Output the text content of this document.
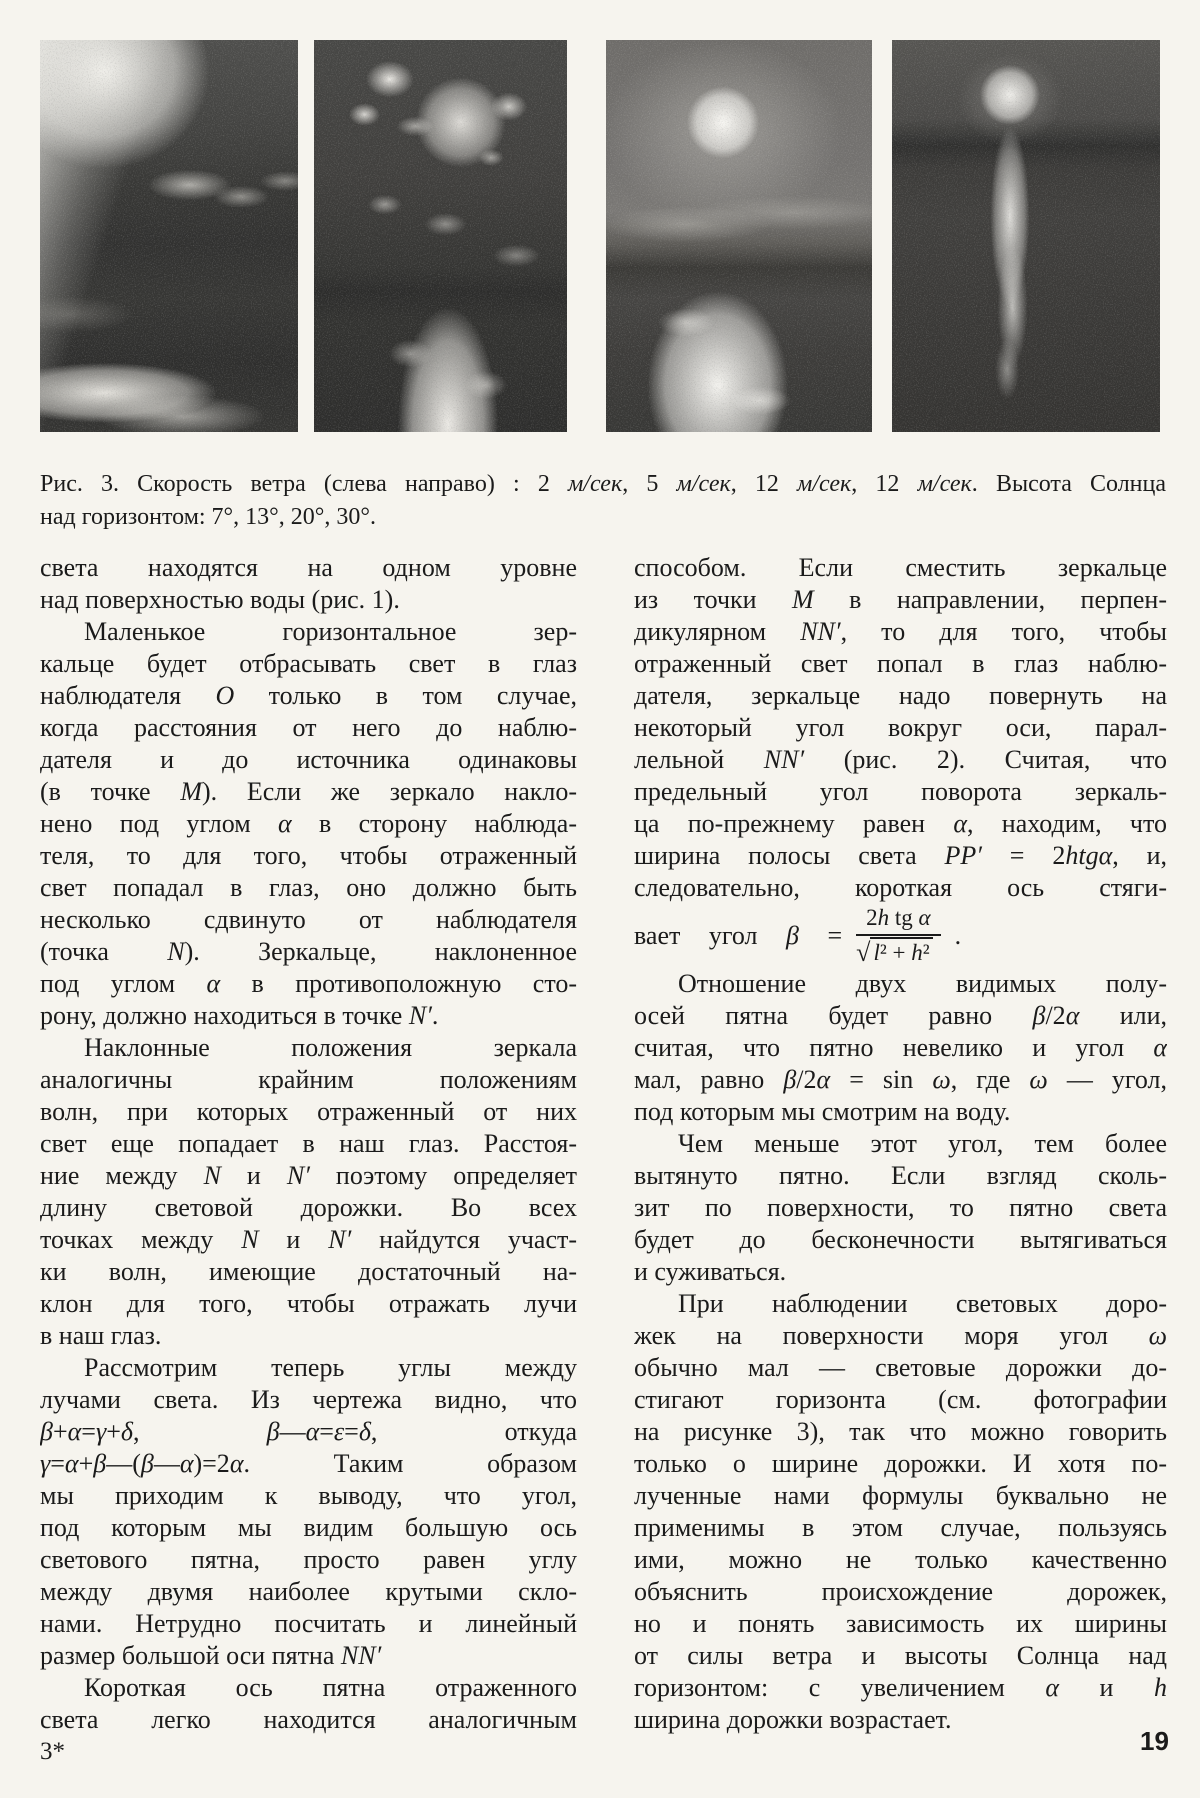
Рис. 3. Скорость ветра (слева направо) : 2 м/сек, 5 м/сек, 12 м/сек, 12 м/сек. Высота Солнца
над горизонтом: 7°, 13°, 20°, 30°.
света находятся на одном уровне
над поверхностью воды (рис. 1).
Маленькое горизонтальное зер-
кальце будет отбрасывать свет в глаз
наблюдателя O только в том случае,
когда расстояния от него до наблю-
дателя и до источника одинаковы
(в точке M). Если же зеркало накло-
нено под углом α в сторону наблюда-
теля, то для того, чтобы отраженный
свет попадал в глаз, оно должно быть
несколько сдвинуто от наблюдателя
(точка N). Зеркальце, наклоненное
под углом α в противоположную сто-
рону, должно находиться в точке N′.
Наклонные положения зеркала
аналогичны крайним положениям
волн, при которых отраженный от них
свет еще попадает в наш глаз. Расстоя-
ние между N и N′ поэтому определяет
длину световой дорожки. Во всех
точках между N и N′ найдутся участ-
ки волн, имеющие достаточный на-
клон для того, чтобы отражать лучи
в наш глаз.
Рассмотрим теперь углы между
лучами света. Из чертежа видно, что
β+α=γ+δ, β—α=ε=δ, откуда
γ=α+β—(β—α)=2α. Таким образом
мы приходим к выводу, что угол,
под которым мы видим большую ось
светового пятна, просто равен углу
между двумя наиболее крутыми скло-
нами. Нетрудно посчитать и линейный
размер большой оси пятна NN′
Короткая ось пятна отраженного
света легко находится аналогичным
способом. Если сместить зеркальце
из точки M в направлении, перпен-
дикулярном NN′, то для того, чтобы
отраженный свет попал в глаз наблю-
дателя, зеркальце надо повернуть на
некоторый угол вокруг оси, парал-
лельной NN′ (рис. 2). Считая, что
предельный угол поворота зеркаль-
ца по-прежнему равен α, находим, что
ширина полосы света PP′ = 2htgα, и,
следовательно, короткая ось стяги-
вает угол $\beta = \frac{\text{2h tg α}}{\text{√ l² + h²}}$ .
Отношение двух видимых полу-
осей пятна будет равно β/2α или,
считая, что пятно невелико и угол α
мал, равно β/2α = sin ω, где ω — угол,
под которым мы смотрим на воду.
Чем меньше этот угол, тем более
вытянуто пятно. Если взгляд сколь-
зит по поверхности, то пятно света
будет до бесконечности вытягиваться
и суживаться.
При наблюдении световых доро-
жек на поверхности моря угол ω
обычно мал — световые дорожки до-
стигают горизонта (см. фотографии
на рисунке 3), так что можно говорить
только о ширине дорожки. И хотя по-
лученные нами формулы буквально не
применимы в этом случае, пользуясь
ими, можно не только качественно
объяснить происхождение дорожек,
но и понять зависимость их ширины
от силы ветра и высоты Солнца над
горизонтом: с увеличением α и h
ширина дорожки возрастает.
3*	19
